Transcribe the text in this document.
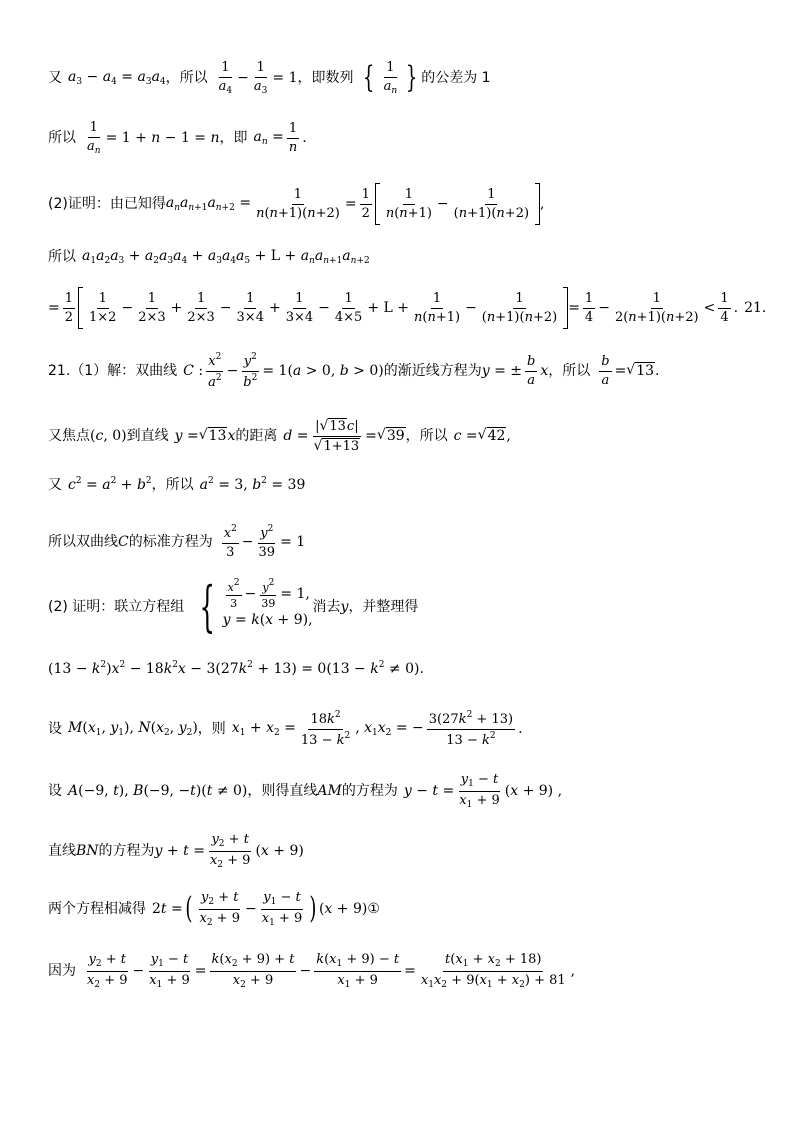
又 $a_3 - a_4 = a_3a_4$ ，所以 $\frac{1}{a_4} - \frac{1}{a_3} = 1$ ，即数列 { $\frac{1}{a_n}$ } 的公差为 1
所以 $\frac{1}{a_n} = 1 + n - 1 = n$ ，即 $a_n = \frac{1}{n}$ .
(2)证明：由已知得 $a_na_{n+1}a_{n+2} = \frac{1}{n(n+1)(n+2)} = \frac{1}{2} \frac{1}{n(n+1)} - \frac{1}{(n+1)(n+2)}$ ,
所以 $a_1a_2a_3 + a_2a_3a_4 + a_3a_4a_5 + L + a_na_{n+1}a_{n+2}$
= $\frac{1}{2} \frac{1}{1\times 2} - \frac{1}{2\times 3} + \frac{1}{2\times 3} - \frac{1}{3\times 4} + \frac{1}{3\times 4} - \frac{1}{4\times 5} + L + \frac{1}{n(n+1)} - \frac{1}{(n+1)(n+2)} = \frac{1}{4} - \frac{1}{2(n+1)(n+2)} < \frac{1}{4}$ . 21.
21.（1）解：双曲线 C : $\frac{x^2}{a^2} - \frac{y^2}{b^2} = 1(a > 0$, b > 0) 的渐近线方程为 y = ± $\frac{b}{a}$ x ，所以 $\frac{b}{a}$ = √ 13 .
又焦点 (c, 0) 到直线 y = √ 13 x 的距离 $d = \frac{| √ 13 c|}{√ 1+13}$ = √ 39 ，所以 c = √ 42 ,
又 $c^2 = a^2 + b^2$ ，所以 $a^2 = 3$, $b^2 = 39$
所以双曲线 C 的标准方程为 $\frac{x^2}{3} - \frac{y^2}{39} = 1$
(2) 证明：联立方程组 { $\frac{x^2}{3} - \frac{y^2}{39} = 1$,
y = k(x + 9),
消去 y ，并整理得
$(13 - k^2)x^2 - 18k^2x - 3(27k^2 + 13) = 0(13 - k^2 \ne 0)$.
设 $M(x_1$, $y_1$), $N(x_2$, $y_2$) ，则 $x_1 + x_2 = \frac{18k^2}{13 - k^2}$ , $x_1x_2$ = − $\frac{3(27k^2 + 13)}{13 - k^2}$ .
设 A(−9, t), B(−9, −t)(t ≠ 0) ，则得直线 AM 的方程为 $y - t = \frac{y_1 - t}{x_1 + 9} (x + 9)$ ,
直线 BN 的方程为 $y + t = \frac{y_2 + t}{x_2 + 9} (x + 9)$
两个方程相减得 2t = ( $\frac{y_2 + t}{x_2 + 9} - \frac{y_1 - t}{x_1 + 9}$ ) (x + 9) ①
因为 $\frac{y_2 + t}{x_2 + 9} - \frac{y_1 - t}{x_1 + 9} = \frac{k(x_2 + 9) + t}{x_2 + 9} - \frac{k(x_1 + 9) - t}{x_1 + 9} = \frac{t(x_1 + x_2 + 18)}{x_1x_2 + 9(x_1 + x_2) + 81}$ ,
